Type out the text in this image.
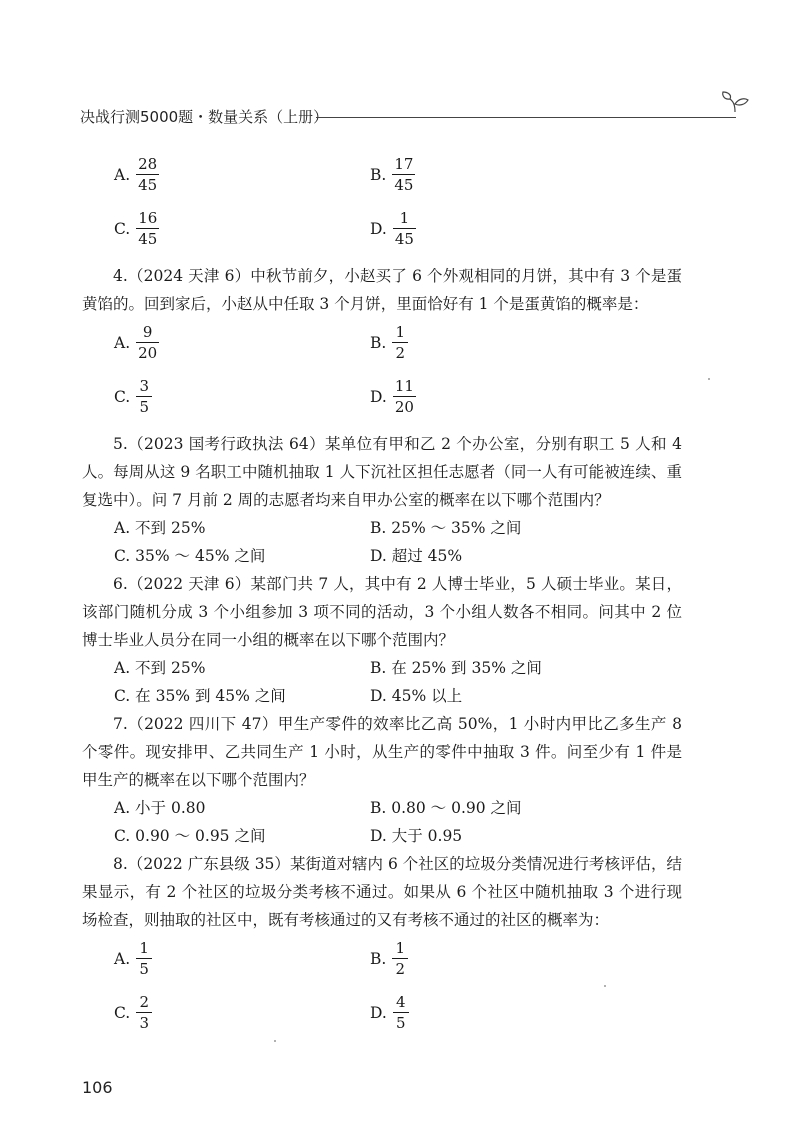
决战行测5000题・数量关系（上册）
A. $\frac{28}{45}$	B. $\frac{17}{45}$
C. $\frac{16}{45}$	D. $\frac{1}{45}$

4.（2024 天津 6）中秋节前夕，小赵买了 6 个外观相同的月饼，其中有 3 个是蛋黄馅的。回到家后，小赵从中任取 3 个月饼，里面恰好有 1 个是蛋黄馅的概率是：

A. $\frac{9}{20}$	B. $\frac{1}{2}$
C. $\frac{3}{5}$	D. $\frac{11}{20}$

5.（2023 国考行政执法 64）某单位有甲和乙 2 个办公室，分别有职工 5 人和 4 人。每周从这 9 名职工中随机抽取 1 人下沉社区担任志愿者（同一人有可能被连续、重复选中）。问 7 月前 2 周的志愿者均来自甲办公室的概率在以下哪个范围内？

A. 不到 25%	B. 25% ～ 35% 之间
C. 35% ～ 45% 之间	D. 超过 45%

6.（2022 天津 6）某部门共 7 人，其中有 2 人博士毕业，5 人硕士毕业。某日，该部门随机分成 3 个小组参加 3 项不同的活动，3 个小组人数各不相同。问其中 2 位博士毕业人员分在同一小组的概率在以下哪个范围内？

A. 不到 25%	B. 在 25% 到 35% 之间
C. 在 35% 到 45% 之间	D. 45% 以上

7.（2022 四川下 47）甲生产零件的效率比乙高 50%，1 小时内甲比乙多生产 8 个零件。现安排甲、乙共同生产 1 小时，从生产的零件中抽取 3 件。问至少有 1 件是甲生产的概率在以下哪个范围内？

A. 小于 0.80	B. 0.80 ～ 0.90 之间
C. 0.90 ～ 0.95 之间	D. 大于 0.95

8.（2022 广东县级 35）某街道对辖内 6 个社区的垃圾分类情况进行考核评估，结果显示，有 2 个社区的垃圾分类考核不通过。如果从 6 个社区中随机抽取 3 个进行现场检查，则抽取的社区中，既有考核通过的又有考核不通过的社区的概率为：

A. $\frac{1}{5}$	B. $\frac{1}{2}$
C. $\frac{2}{3}$	D. $\frac{4}{5}$
106
